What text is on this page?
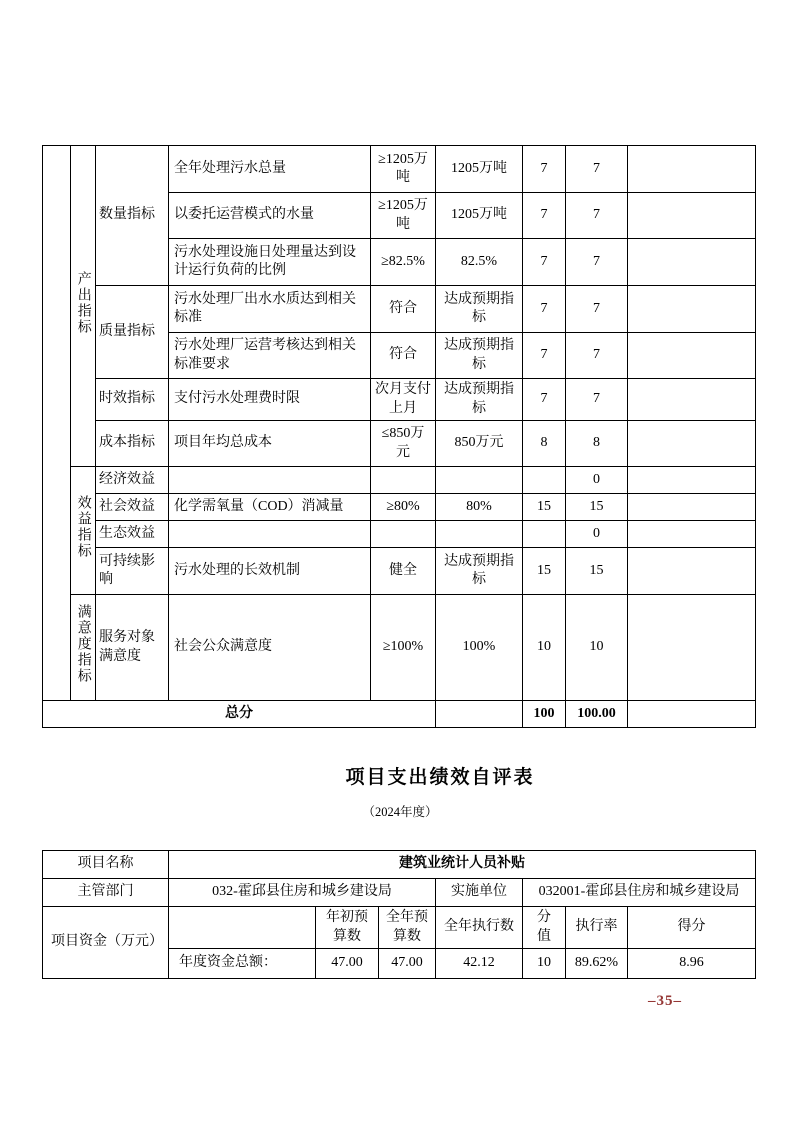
	产出指标	数量指标	全年处理污水总量	≥1205万吨	1205万吨	7	7	
			以委托运营模式的水量	≥1205万吨	1205万吨	7	7	
			污水处理设施日处理量达到设计运行负荷的比例	≥82.5%	82.5%	7	7	
		质量指标	污水处理厂出水水质达到相关标准	符合	达成预期指标	7	7	
			污水处理厂运营考核达到相关标准要求	符合	达成预期指标	7	7	
		时效指标	支付污水处理费时限	次月支付上月	达成预期指标	7	7	
		成本指标	项目年均总成本	≤850万元	850万元	8	8	
	效益指标	经济效益					0	
		社会效益	化学需氧量（COD）消减量	≥80%	80%	15	15	
		生态效益					0	
		可持续影响	污水处理的长效机制	健全	达成预期指标	15	15	
	满意度指标	服务对象满意度	社会公众满意度	≥100%	100%	10	10	
总分						100	100.00	
项目支出绩效自评表
（2024年度）
项目名称	建筑业统计人员补贴						
主管部门	032-霍邱县住房和城乡建设局			实施单位	032001-霍邱县住房和城乡建设局		
项目资金（万元）		年初预算数	全年预算数	全年执行数	分值	执行率	得分
	年度资金总额：	47.00	47.00	42.12	10	89.62%	8.96
–35–
